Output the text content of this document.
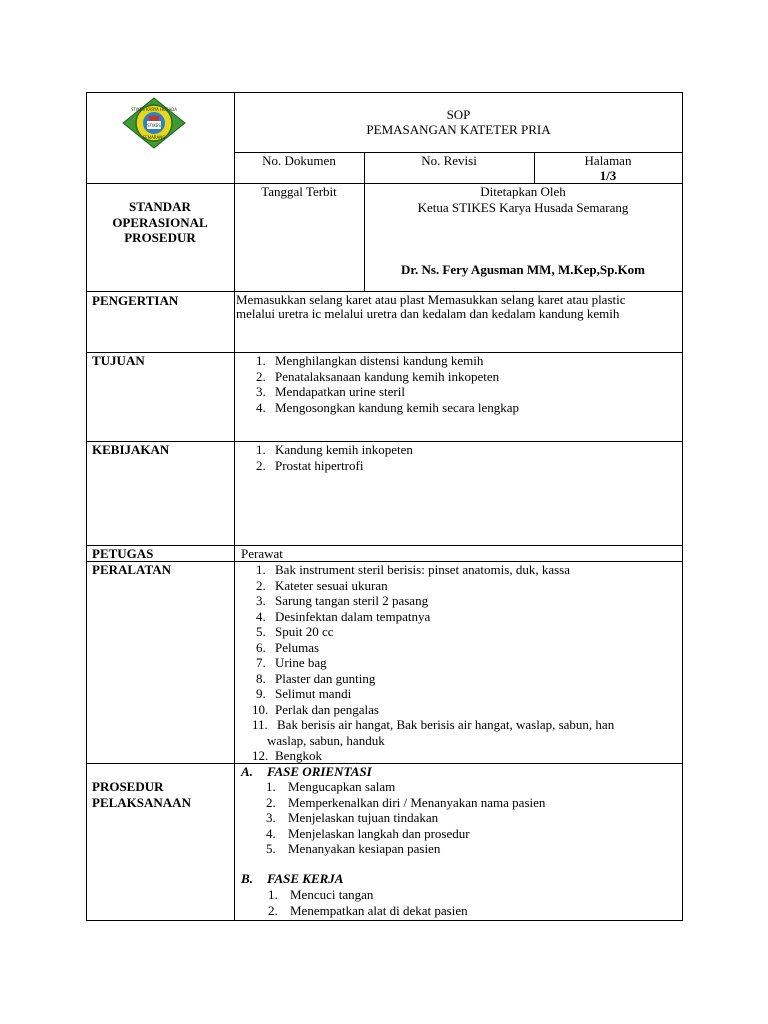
STIKES KARYA HUSADA
SEMARANG
STIKES
SOP
PEMASANGAN KATETER PRIA
No. Dokumen	No. Revisi	Halaman
1/3
STANDAR
OPERASIONAL
PROSEDUR
Tanggal Terbit	Ditetapkan Oleh
Ketua STIKES Karya Husada Semarang
Dr. Ns. Fery Agusman MM, M.Kep,Sp.Kom
PENGERTIAN	Memasukkan selang karet atau plast Memasukkan selang karet atau plastic
melalui uretra ic melalui uretra dan kedalam dan kedalam kandung kemih
TUJUAN	1. Menghilangkan distensi kandung kemih
2. Penatalaksanaan kandung kemih inkopeten
3. Mendapatkan urine steril
4. Mengosongkan kandung kemih secara lengkap
KEBIJAKAN	1. Kandung kemih inkopeten
2. Prostat hipertrofi
PETUGAS	Perawat
PERALATAN	1. Bak instrument steril berisis: pinset anatomis, duk, kassa
2. Kateter sesuai ukuran
3. Sarung tangan steril 2 pasang
4. Desinfektan dalam tempatnya
5. Spuit 20 cc
6. Pelumas
7. Urine bag
8. Plaster dan gunting
9. Selimut mandi
10. Perlak dan pengalas
11. Bak berisis air hangat, Bak berisis air hangat, waslap, sabun, han
waslap, sabun, handuk
12. Bengkok
PROSEDUR
PELAKSANAAN
A. FASE ORIENTASI
1. Mengucapkan salam
2. Memperkenalkan diri / Menanyakan nama pasien
3. Menjelaskan tujuan tindakan
4. Menjelaskan langkah dan prosedur
5. Menanyakan kesiapan pasien
B. FASE KERJA
1. Mencuci tangan
2. Menempatkan alat di dekat pasien
